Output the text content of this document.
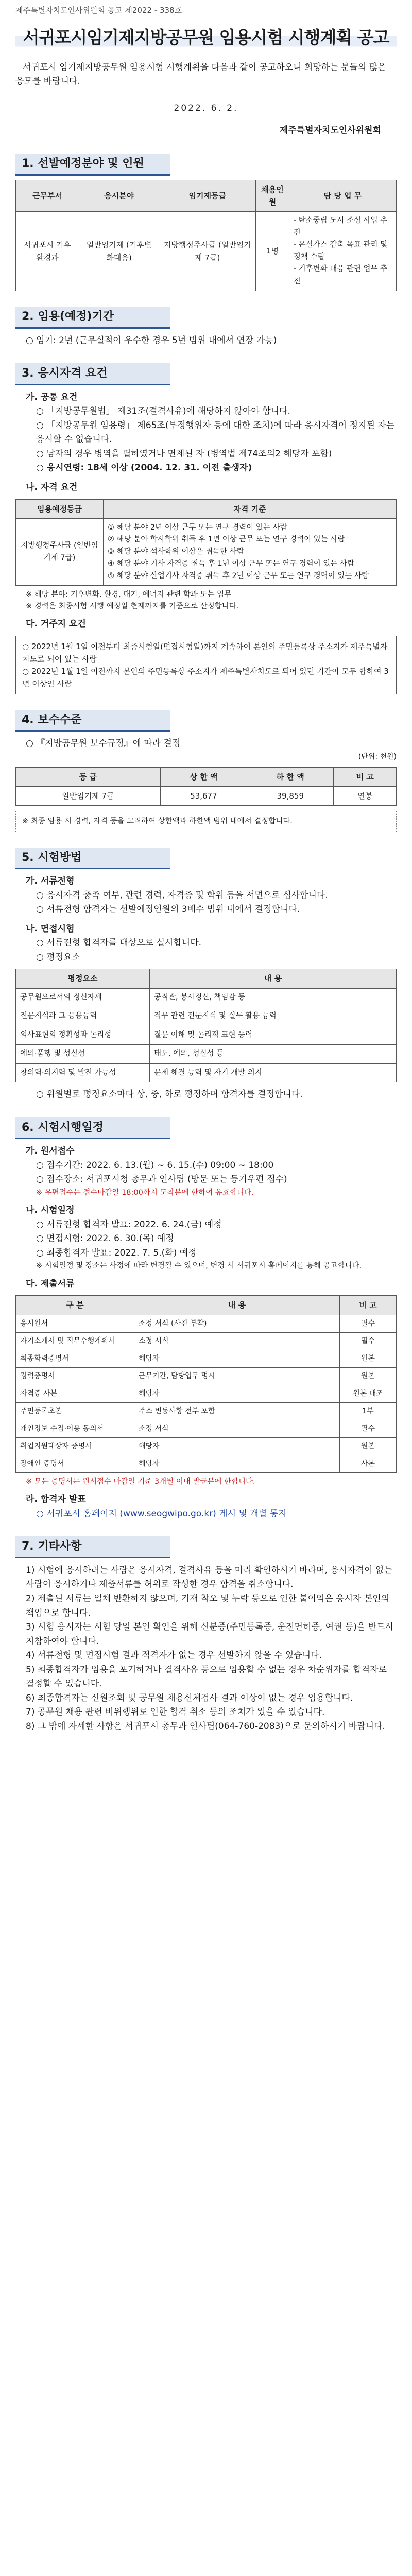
제주특별자치도인사위원회 공고 제2022 - 338호
서귀포시임기제지방공무원 임용시험 시행계획 공고

서귀포시 임기제지방공무원 임용시험 시행계획을 다음과 같이 공고하오니 희망하는 분들의 많은 응모를 바랍니다.

2022. 6. 2.
제주특별자치도인사위원회
1. 선발예정분야 및 인원
근무부서	응시분야	임기제등급	채용인원	담 당 업 무
서귀포시 기후환경과	일반임기제 (기후변화대응)	지방행정주사급 (일반임기제 7급)	1명	- 탄소중립 도시 조성 사업 추진
- 온실가스 감축 목표 관리 및 정책 수립
- 기후변화 대응 관련 업무 추진
2. 임용(예정)기간

○ 임기: 2년 (근무실적이 우수한 경우 5년 범위 내에서 연장 가능)

3. 응시자격 요건

가. 공통 요건

○ 「지방공무원법」 제31조(결격사유)에 해당하지 않아야 합니다.

○ 「지방공무원 임용령」 제65조(부정행위자 등에 대한 조치)에 따라 응시자격이 정지된 자는 응시할 수 없습니다.

○ 남자의 경우 병역을 필하였거나 면제된 자 (병역법 제74조의2 해당자 포함)

○ 응시연령: 18세 이상 (2004. 12. 31. 이전 출생자)

나. 자격 요건

임용예정등급	자격 기준
지방행정주사급 (일반임기제 7급)	① 해당 분야 2년 이상 근무 또는 연구 경력이 있는 사람
② 해당 분야 학사학위 취득 후 1년 이상 근무 또는 연구 경력이 있는 사람
③ 해당 분야 석사학위 이상을 취득한 사람
④ 해당 분야 기사 자격증 취득 후 1년 이상 근무 또는 연구 경력이 있는 사람
⑤ 해당 분야 산업기사 자격증 취득 후 2년 이상 근무 또는 연구 경력이 있는 사람

※ 해당 분야: 기후변화, 환경, 대기, 에너지 관련 학과 또는 업무

※ 경력은 최종시험 시행 예정일 현재까지를 기준으로 산정합니다.

다. 거주지 요건

○ 2022년 1월 1일 이전부터 최종시험일(면접시험일)까지 계속하여 본인의 주민등록상 주소지가 제주특별자치도로 되어 있는 사람

○ 2022년 1월 1일 이전까지 본인의 주민등록상 주소지가 제주특별자치도로 되어 있던 기간이 모두 합하여 3년 이상인 사람

4. 보수수준

○ 『지방공무원 보수규정』에 따라 결정

(단위: 천원)

등 급	상 한 액	하 한 액	비 고
일반임기제 7급	53,677	39,859	연봉
※ 최종 임용 시 경력, 자격 등을 고려하여 상한액과 하한액 범위 내에서 결정합니다.
5. 시험방법

가. 서류전형

○ 응시자격 충족 여부, 관련 경력, 자격증 및 학위 등을 서면으로 심사합니다.

○ 서류전형 합격자는 선발예정인원의 3배수 범위 내에서 결정합니다.

나. 면접시험

○ 서류전형 합격자를 대상으로 실시합니다.

○ 평정요소

평정요소	내 용
공무원으로서의 정신자세	공직관, 봉사정신, 책임감 등
전문지식과 그 응용능력	직무 관련 전문지식 및 실무 활용 능력
의사표현의 정확성과 논리성	질문 이해 및 논리적 표현 능력
예의·품행 및 성실성	태도, 예의, 성실성 등
창의력·의지력 및 발전 가능성	문제 해결 능력 및 자기 개발 의지

○ 위원별로 평정요소마다 상, 중, 하로 평정하며 합격자를 결정합니다.

6. 시험시행일정

가. 원서접수

○ 접수기간: 2022. 6. 13.(월) ~ 6. 15.(수) 09:00 ~ 18:00

○ 접수장소: 서귀포시청 총무과 인사팀 (방문 또는 등기우편 접수)

※ 우편접수는 접수마감일 18:00까지 도착분에 한하여 유효합니다.

나. 시험일정

○ 서류전형 합격자 발표: 2022. 6. 24.(금) 예정

○ 면접시험: 2022. 6. 30.(목) 예정

○ 최종합격자 발표: 2022. 7. 5.(화) 예정

※ 시험일정 및 장소는 사정에 따라 변경될 수 있으며, 변경 시 서귀포시 홈페이지를 통해 공고합니다.

다. 제출서류

구 분	내 용	비 고
응시원서	소정 서식 (사진 부착)	필수
자기소개서 및 직무수행계획서	소정 서식	필수
최종학력증명서	해당자	원본
경력증명서	근무기간, 담당업무 명시	원본
자격증 사본	해당자	원본 대조
주민등록초본	주소 변동사항 전부 포함	1부
개인정보 수집·이용 동의서	소정 서식	필수
취업지원대상자 증명서	해당자	원본
장애인 증명서	해당자	사본

※ 모든 증명서는 원서접수 마감일 기준 3개월 이내 발급분에 한합니다.

라. 합격자 발표

○ 서귀포시 홈페이지 (www.seogwipo.go.kr) 게시 및 개별 통지

7. 기타사항
1) 시험에 응시하려는 사람은 응시자격, 결격사유 등을 미리 확인하시기 바라며, 응시자격이 없는 사람이 응시하거나 제출서류를 허위로 작성한 경우 합격을 취소합니다.
2) 제출된 서류는 일체 반환하지 않으며, 기재 착오 및 누락 등으로 인한 불이익은 응시자 본인의 책임으로 합니다.
3) 시험 응시자는 시험 당일 본인 확인을 위해 신분증(주민등록증, 운전면허증, 여권 등)을 반드시 지참하여야 합니다.
4) 서류전형 및 면접시험 결과 적격자가 없는 경우 선발하지 않을 수 있습니다.
5) 최종합격자가 임용을 포기하거나 결격사유 등으로 임용할 수 없는 경우 차순위자를 합격자로 결정할 수 있습니다.
6) 최종합격자는 신원조회 및 공무원 채용신체검사 결과 이상이 없는 경우 임용합니다.
7) 공무원 채용 관련 비위행위로 인한 합격 취소 등의 조치가 있을 수 있습니다.
8) 그 밖에 자세한 사항은 서귀포시 총무과 인사팀(064-760-2083)으로 문의하시기 바랍니다.
